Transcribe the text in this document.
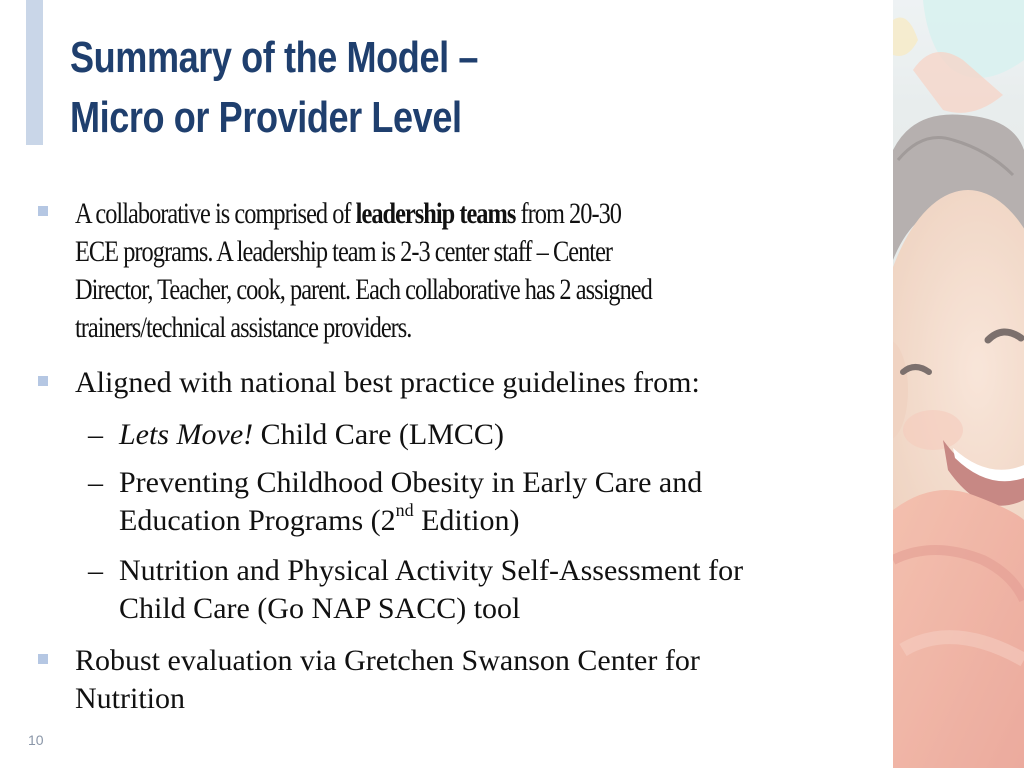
Summary of the Model –
Micro or Provider Level
A collaborative is comprised of leadership teams from 20-30
ECE programs. A leadership team is 2-3 center staff – Center
Director, Teacher, cook, parent. Each collaborative has 2 assigned
trainers/technical assistance providers.
Aligned with national best practice guidelines from:
– Lets Move! Child Care (LMCC)
– Preventing Childhood Obesity in Early Care and
Education Programs (2nd Edition)
– Nutrition and Physical Activity Self-Assessment for
Child Care (Go NAP SACC) tool
Robust evaluation via Gretchen Swanson Center for
Nutrition
10
